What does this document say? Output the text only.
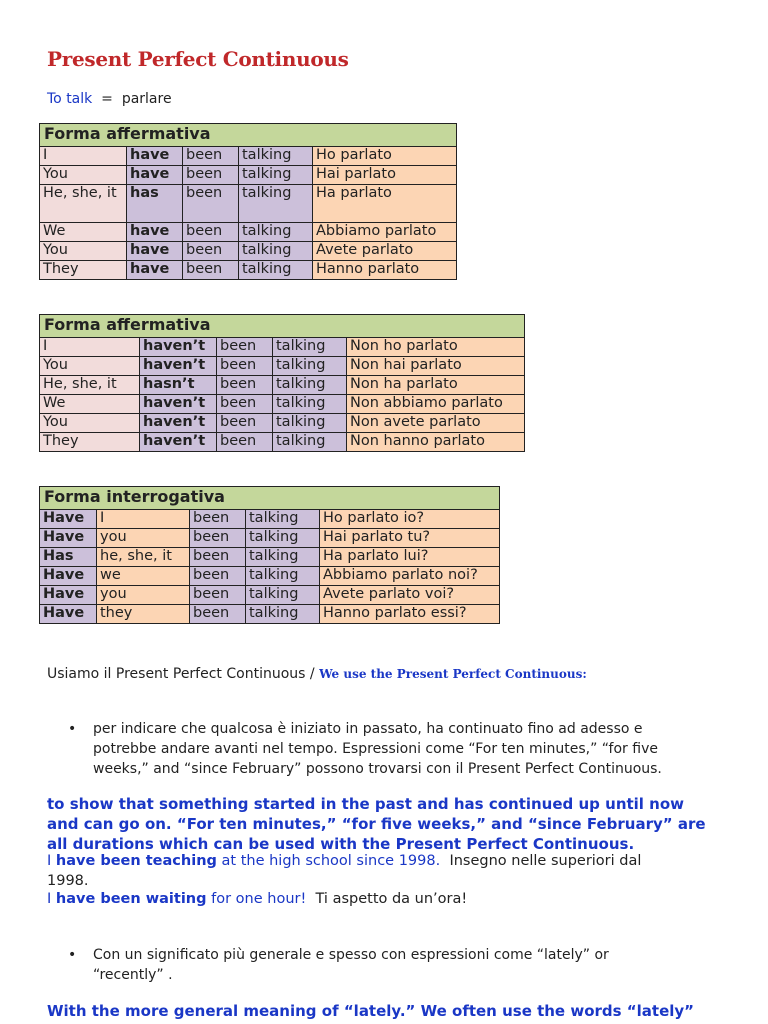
Present Perfect Continuous
To talk = parlare
Forma affermativa				
I	have	been	talking	Ho parlato
You	have	been	talking	Hai parlato
He, she, it	has	been	talking	Ha parlato
We	have	been	talking	Abbiamo parlato
You	have	been	talking	Avete parlato
They	have	been	talking	Hanno parlato
Forma affermativa				
I	haven’t	been	talking	Non ho parlato
You	haven’t	been	talking	Non hai parlato
He, she, it	hasn’t	been	talking	Non ha parlato
We	haven’t	been	talking	Non abbiamo parlato
You	haven’t	been	talking	Non avete parlato
They	haven’t	been	talking	Non hanno parlato
Forma interrogativa				
Have	I	been	talking	Ho parlato io?
Have	you	been	talking	Hai parlato tu?
Has	he, she, it	been	talking	Ha parlato lui?
Have	we	been	talking	Abbiamo parlato noi?
Have	you	been	talking	Avete parlato voi?
Have	they	been	talking	Hanno parlato essi?
Usiamo il Present Perfect Continuous / We use the Present Perfect Continuous:
• per indicare che qualcosa è iniziato in passato, ha continuato fino ad adesso e
potrebbe andare avanti nel tempo. Espressioni come “For ten minutes,” “for five
weeks,” and “since February” possono trovarsi con il Present Perfect Continuous.
to show that something started in the past and has continued up until now
and can go on. “For ten minutes,” “for five weeks,” and “since February” are
all durations which can be used with the Present Perfect Continuous.
I have been teaching at the high school since 1998. Insegno nelle superiori dal
1998.
I have been waiting for one hour! Ti aspetto da un’ora!
• Con un significato più generale e spesso con espressioni come “lately” or
“recently” .
With the more general meaning of “lately.” We often use the words “lately”
